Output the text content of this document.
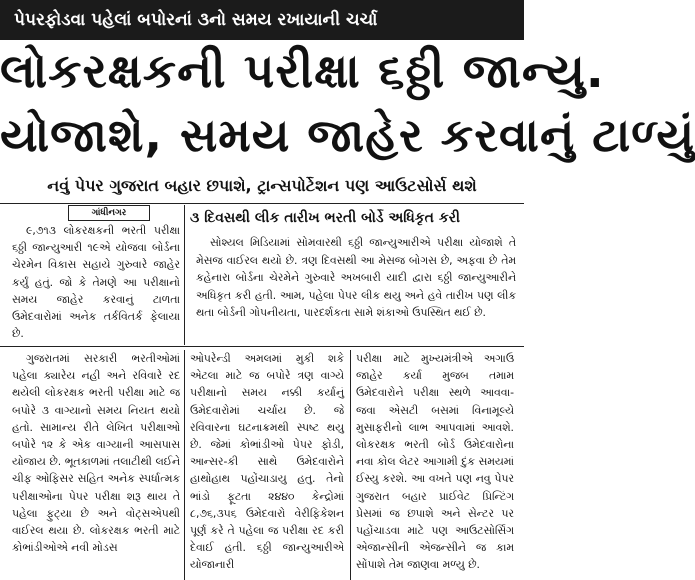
પેપરફોડવા પહેલાં બપોરનાં ૩નો સમય રખાયાની ચર્ચા
લોકરક્ષકની પરીક્ષા ૬ઠ્ઠી જાન્યુ.
યોજાશે, સમય જાહેર કરવાનું ટાળ્યું
નવું પેપર ગુજરાત બહાર છપાશે, ટ્રાન્સપોર્ટેશન પણ આઉટસોર્સ થશે
ગાંધીનગર

૯,૭૧૩ લોકરક્ષકની ભરતી પરીક્ષા ૬ઠ્ઠી જાન્યુઆરી ૧૯એ યોજવા બોર્ડના ચેરમેન વિકાસ સહાયે ગુરુવારે જાહેર કર્યું હતું. જો કે તેમણે આ પરીક્ષાનો સમય જાહેર કરવાનું ટાળતા ઉમેદવારોમાં અનેક તર્કવિતર્ક ફેલાયા છે.

૩ દિવસથી લીક તારીખ ભરતી બોર્ડે અધિકૃત કરી

સોશ્યલ મિડિયામાં સોમવારથી ૬ઠ્ઠી જાન્યુઆરીએ પરીક્ષા યોજાશે તે મેસજ વાઈરલ થયો છે. ત્રણ દિવસથી આ મેસજ બોગસ છે, અફવા છે તેમ કહેનારા બોર્ડના ચેરમેને ગુરુવારે અખબારી યાદી દ્વારા ૬ઠ્ઠી જાન્યુઆરીને અધિકૃત કરી હતી. આમ, પહેલા પેપર લીક થયુ અને હવે તારીખ પણ લીક થતા બોર્ડની ગોપનીયતા, પારદર્શકતા સામે શંકાઓ ઉપસ્થિત થઈ છે.

ગુજરાતમાં સરકારી ભરતીઓમાં પહેલા ક્યારેય નહી અને રવિવારે રદ થયેલી લોકરક્ષક ભરતી પરીક્ષા માટે જ બપોરે ૩ વાગ્યાનો સમય નિયત થયો હતો. સામાન્ય રીતે લેખિત પરીક્ષાઓ બપોરે ૧૨ કે એક વાગ્યાની આસપાસ યોજાય છે. ભૂતકાળમાં તલાટીથી લઈને ચીફ ઓફિસર સહિત અનેક સ્પર્ધાત્મક પરીક્ષાઓના પેપર પરીક્ષા શરૂ થાય તે પહેલા ફુટ્યા છે અને વોટ્સએપથી વાઈરલ થયા છે. લોકરક્ષક ભરતી માટે કોભાંડીઓએ નવી મોડસ

ઓપરેન્ડી અમલમાં મુકી શકે એટલા માટે જ બપોરે ત્રણ વાગ્યે પરીક્ષાનો સમય નક્કી કર્યાનું ઉમેદવારોમાં ચર્ચાય છે. જે રવિવારના ઘટનાક્રમથી સ્પષ્ટ થયુ છે. જેમાં કોભાંડીઓ પેપર ફોડી, આન્સર-કી સાથે ઉમેદવારોને હાથોહાથ પહોંચાડાયુ હતુ. તેનો ભાંડો ફૂટતા ૨૪૪૦ કેન્દ્રોમાં ૮,૭૬,૩૫૬ ઉમેદવારો વેરીફિકેશન પૂર્ણ કરે તે પહેલા જ પરીક્ષા રદ કરી દેવાઈ હતી. ૬ઠ્ઠી જાન્યુઆરીએ યોજાનારી

પરીક્ષા માટે મુખ્યમંત્રીએ અગાઉ જાહેર કર્યા મુજબ તમામ ઉમેદવારોને પરીક્ષા સ્થળે આવવા-જવા એસટી બસમાં વિનામૂલ્યે મુસાફરીનો લાભ આપવામાં આવશે. લોકરક્ષક ભરતી બોર્ડ ઉમેદવારોના નવા કોલ લેટર આગામી દુંક સમયમાં ઈસ્યુ કરશે. આ વખતે પણ નવુ પેપર ગુજરાત બહાર પ્રાઈવેટ પ્રિન્ટિંગ પ્રેસમાં જ છપાશે અને સેન્ટર પર પહોંચાડવા માટે પણ આઉટસોર્સિંગ એજાન્સીની એજન્સીને જ કામ સોંપાશે તેમ જાણવા મળ્યુ છે.
